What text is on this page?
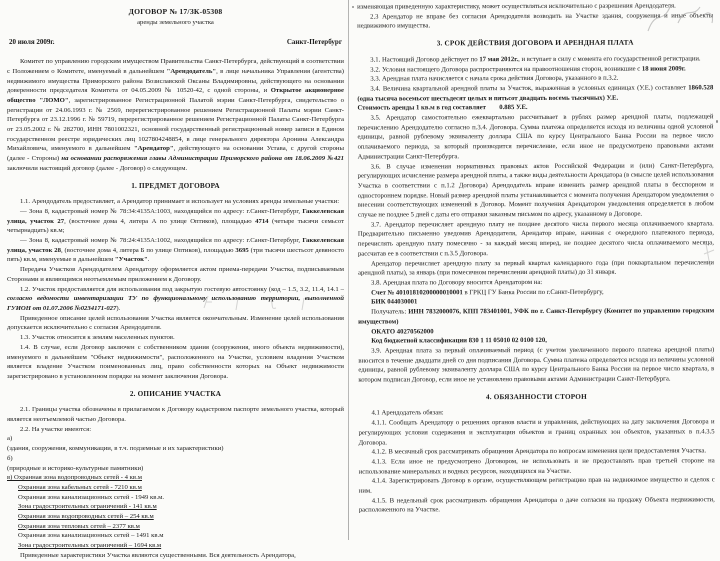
ДОГОВОР № 17/ЗК-05308
аренды земельного участка
20 июля 2009г.	Санкт-Петербург

Комитет по управлению городским имуществом Правительства Санкт-Петербурга, действующий в соответствии с Положением о Комитете, именуемый в дальнейшем "Арендодатель", в лице начальника Управления (агентства) недвижимого имущества Приморского района Возиславской Оксаны Владимировны, действующего на основании доверенности председателя Комитета от 04.05.2009 № 10520-42, с одной стороны, и Открытое акционерное общество "ЛОМО", зарегистрированное Регистрационной Палатой мэрии Санкт-Петербурга, свидетельство о регистрации от 24.06.1993 г. № 2569, перерегистрированное решением Регистрационной Палаты мэрии Санкт-Петербурга от 23.12.1996 г. № 59719, перерегистрированное решением Регистрационной Палаты Санкт-Петербурга от 23.05.2002 г. № 282700, ИНН 7801002321, основной государственный регистрационный номер записи в Едином государственном реестре юридических лиц 1027804248854, в лице генерального директора Аронина Александра Михайловича, именуемого в дальнейшем "Арендатор", действующего на основании Устава, с другой стороны (далее - Стороны) на основании распоряжения главы Администрации Приморского района от 18.06.2009 №421 заключили настоящий договор (далее - Договор) о следующем.

1. ПРЕДМЕТ ДОГОВОРА

1.1. Арендодатель предоставляет, а Арендатор принимает и использует на условиях аренды земельные участки:

— Зона 8, кадастровый номер № 78:34:4135А:1003, находящийся по адресу: г.Санкт-Петербург, Гаккелевская улица, участок 27, (восточнее дома 4, литера А по улице Оптиков), площадью 4714 (четыре тысячи семьсот четырнадцать) кв.м;

— Зона 8, кадастровый номер № 78:24:4135А:1002, находящийся по адресу: г.Санкт-Петербург, Гаккелевская улица, участок 28, (восточнее дома 4, литера Б по улице Оптиков), площадью 3695 (три тысячи шестьсот девяносто пять) кв.м, именуемые в дальнейшем "Участок".

Передача Участков Арендодателем Арендатору оформляется актом приема-передачи Участка, подписываемым Сторонами и являющимся неотъемлемым приложением к Договору.

1.2. Участок предоставляется для использования под закрытую гостевую автостоянку (код – 1.5, 3.2, 11.4, 14.1 – согласно ведомости инвентаризации ТУ по функциональному использованию территории, выполненной ГУИОН от 01.07.2006 №0234171-027).

Приведенное описание целей использования Участка является окончательным. Изменение целей использования допускается исключительно с согласия Арендодателя.

1.3. Участок относится к землям населенных пунктов.

1.4. В случае, если Договор заключен с собственником здания (сооружения, иного объекта недвижимости), именуемого в дальнейшем "Объект недвижимости", расположенного на Участке, условием владения Участком является владение Участком поименованных лиц, право собственности которых на Объект недвижимости зарегистрировано в установленном порядке на момент заключения Договора.

2. ОПИСАНИЕ УЧАСТКА

2.1. Границы участка обозначены в прилагаемом к Договору кадастровом паспорте земельного участка, который является неотъемлемой частью Договора.

2.2. На участке имеются:

а)

(здания, сооружения, коммуникации, в т.ч. подземные и их характеристики)

б)

(природные и историко-культурные памятники)

в) Охранная зона водопроводных сетей - 4 кв.м
Охранная зона кабельных сетей - 7210 кв.м
Охранная зона канализационных сетей - 1949 кв.м.
Зона градостроительных ограничений - 141 кв.м
Охранная зона водопроводных сетей – 254 кв.м
Охранная зона тепловых сетей – 2377 кв.м
Охранная зона канализационных сетей – 1491 кв.м
Зона градостроительных ограничений – 1694 кв.м

Приведенные характеристики Участка являются существенными. Вся деятельность Арендатора,

изменяющая приведенную характеристику, может осуществляться исключительно с разрешения Арендодателя.

2.3 Арендатор не вправе без согласия Арендодателя возводить на Участке здания, сооружения и иные объекты недвижимого имущества.

3. СРОК ДЕЙСТВИЯ ДОГОВОРА И АРЕНДНАЯ ПЛАТА

3.1. Настоящий Договор действует по 17 мая 2012г., и вступает в силу с момента его государственной регистрации.

3.2. Условия настоящего Договора распространяются на правоотношения сторон, возникшие с 18 июня 2009г.

3.3. Арендная плата начисляется с начала срока действия Договора, указанного в п.3.2.

3.4. Величина квартальной арендной платы за Участок, выраженная в условных единицах (У.Е.) составляет 1860.528 (одна тысяча восемьсот шестьдесят целых и пятьсот двадцать восемь тысячных) У.Е.

Стоимость аренды 1 кв.м в год составляет 0.885 У.Е.

3.5. Арендатор самостоятельно ежеквартально рассчитывает в рублях размер арендной платы, подлежащей перечислению Арендодателю согласно п.3.4. Договора. Сумма платежа определяется исходя из величины одной условной единицы, равной рублевому эквиваленту доллара США по курсу Центрального Банка России на первое число оплачиваемого периода, за который производится перечисление, если иное не предусмотрено правовыми актами Администрации Санкт-Петербурга.

3.6. В случае изменения нормативных правовых актов Российской Федерации и (или) Санкт-Петербурга, регулирующих исчисление размера арендной платы, а также виды деятельности Арендатора (в смысле целей использования Участка в соответствии с п.1.2 Договора) Арендодатель вправе изменить размер арендной платы в бесспорном и одностороннем порядке. Новый размер арендной платы устанавливается с момента получения Арендатором уведомления о внесении соответствующих изменений в Договор. Момент получения Арендатором уведомления определяется в любом случае не позднее 5 дней с даты его отправки заказным письмом по адресу, указанному в Договоре.

3.7. Арендатор перечисляет арендную плату не позднее десятого числа первого месяца оплачиваемого квартала. Предварительно письменно уведомив Арендодателя, Арендатор вправе, начиная с очередного платежного периода, перечислять арендную плату помесячно - за каждый месяц вперед, не позднее десятого числа оплачиваемого месяца, рассчитав ее в соответствии с п.3.5 Договора.

Арендатор перечисляет арендную плату за первый квартал календарного года (при поквартальном перечислении арендной платы), за январь (при помесячном перечислении арендной платы) до 31 января.

3.8. Арендная плата по Договору вносится Арендатором на:

Счет № 40101810200000010001 в ГРКЦ ГУ Банка России по г.Санкт-Петербургу,

БИК 044030001

Получатель: ИНН 7832000076, КПП 783401001, УФК по г. Санкт-Петербургу (Комитет по управлению городским имуществом)

ОКАТО 40270562000

Код бюджетной классификации 830 1 11 05010 02 0100 120,

3.9. Арендная плата за первый оплачиваемый период (с учетом увеличенного первого платежа арендной платы) вносится в течение двадцати дней со дня подписания Договора. Сумма платежа определяется исходя из величины условной единицы, равной рублевому эквиваленту доллара США по курсу Центрального Банка России на первое число квартала, в котором подписан Договор, если иное не установлено правовыми актами Администрации Санкт-Петербурга.

4. ОБЯЗАННОСТИ СТОРОН

4.1 Арендодатель обязан:

4.1.1. Сообщать Арендатору о решениях органов власти и управления, действующих на дату заключения Договора и регулирующих условия содержания и эксплуатации объектов и границ охранных зон объектов, указанных в п.4.3.5 Договора.

4.1.2. В месячный срок рассматривать обращения Арендатора по вопросам изменения цели предоставления Участка.

4.1.3. Если иное не предусмотрено Договором, не использовать и не предоставлять прав третьей стороне на использование минеральных и водных ресурсов, находящихся на Участке.

4.1.4. Зарегистрировать Договор в органе, осуществляющем регистрацию прав на недвижимое имущество и сделок с ним.

4.1.5. В недельный срок рассматривать обращения Арендатора о даче согласия на продажу Объекта недвижимости, расположенного на Участке.
